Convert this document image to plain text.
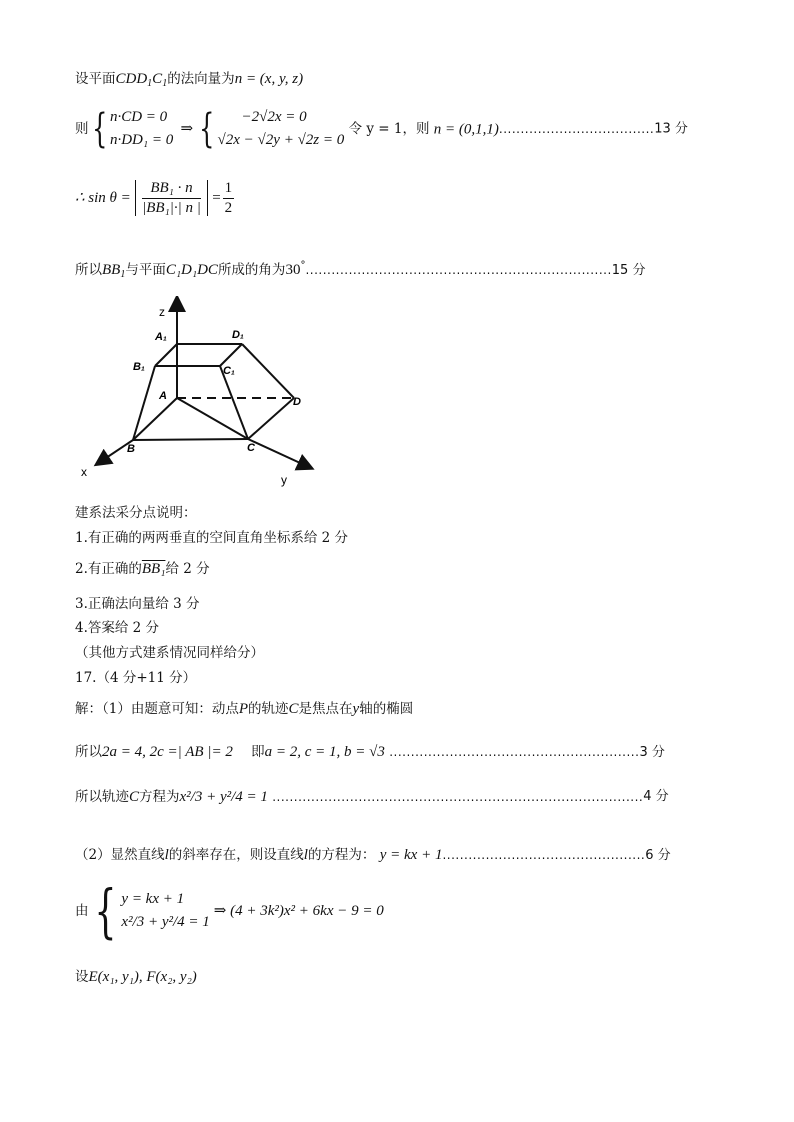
设平面$CDD_1C_1$的法向量为n = (x, y, z)
则{ n·CD = 0
n·DD₁ = 0
⇒ {	−2√2x = 0
√2x − √2y + √2z = 0
令 y = 1，则 n = (0,1,1)....................................13 分
∴ $\sin \theta = \frac{\text{BB₁ · n}}{\text{|BB₁|·| n |}} = \frac{1}{2}$
所以$BB_1$与平面C₁D₁DC所成的角为30°.......................................................................15 分
z
x
y
A₁	D₁
B₁	C₁
A	D
B	C
建系法采分点说明：
1.有正确的两两垂直的空间直角坐标系给 2 分
2.有正确的BB₁给 2 分
3.正确法向量给 3 分
4.答案给 2 分
（其他方式建系情况同样给分）
17.（4 分+11 分）
解：（1）由题意可知：动点P的轨迹C是焦点在y轴的椭圆
所以2a = 4, 2c =| AB |= 2 即a = 2, c = 1, b = √3 ..........................................................3 分
所以轨迹C方程为x²/3 + y²/4 = 1 ......................................................................................4 分
（2）显然直线l的斜率存在，则设直线l的方程为： y = kx + 1...............................................6 分
由{ y = kx + 1
x²/3 + y²/4 = 1
⇒ (4 + 3k²)x² + 6kx − 9 = 0
设E(x₁, y₁), F(x₂, y₂)
